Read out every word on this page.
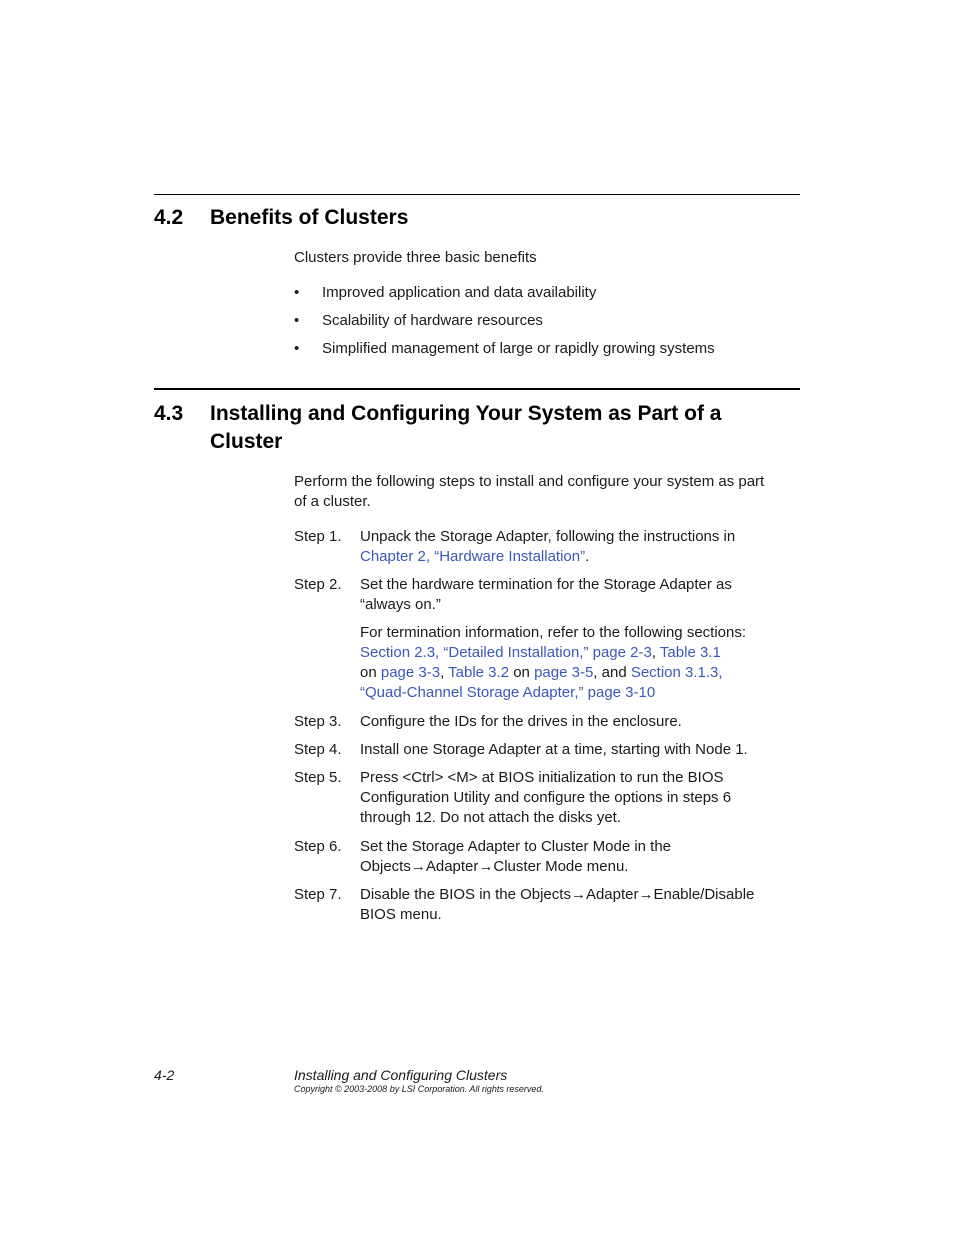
4.2 Benefits of Clusters
Clusters provide three basic benefits
• Improved application and data availability
• Scalability of hardware resources
• Simplified management of large or rapidly growing systems
4.3 Installing and Configuring Your System as Part of a
Cluster
Perform the following steps to install and configure your system as part
of a cluster.
Step 1. Unpack the Storage Adapter, following the instructions in
Chapter 2, “Hardware Installation”.
Step 2. Set the hardware termination for the Storage Adapter as
“always on.”
For termination information, refer to the following sections:
Section 2.3, “Detailed Installation,” page 2-3, Table 3.1
on page 3-3, Table 3.2 on page 3-5, and Section 3.1.3,
“Quad-Channel Storage Adapter,” page 3-10
Step 3. Configure the IDs for the drives in the enclosure.
Step 4. Install one Storage Adapter at a time, starting with Node 1.
Step 5. Press <Ctrl> <M> at BIOS initialization to run the BIOS
Configuration Utility and configure the options in steps 6
through 12. Do not attach the disks yet.
Step 6. Set the Storage Adapter to Cluster Mode in the
Objects→Adapter→Cluster Mode menu.
Step 7. Disable the BIOS in the Objects→Adapter→Enable/Disable
BIOS menu.
4-2	Installing and Configuring Clusters
Copyright © 2003-2008 by LSI Corporation. All rights reserved.
